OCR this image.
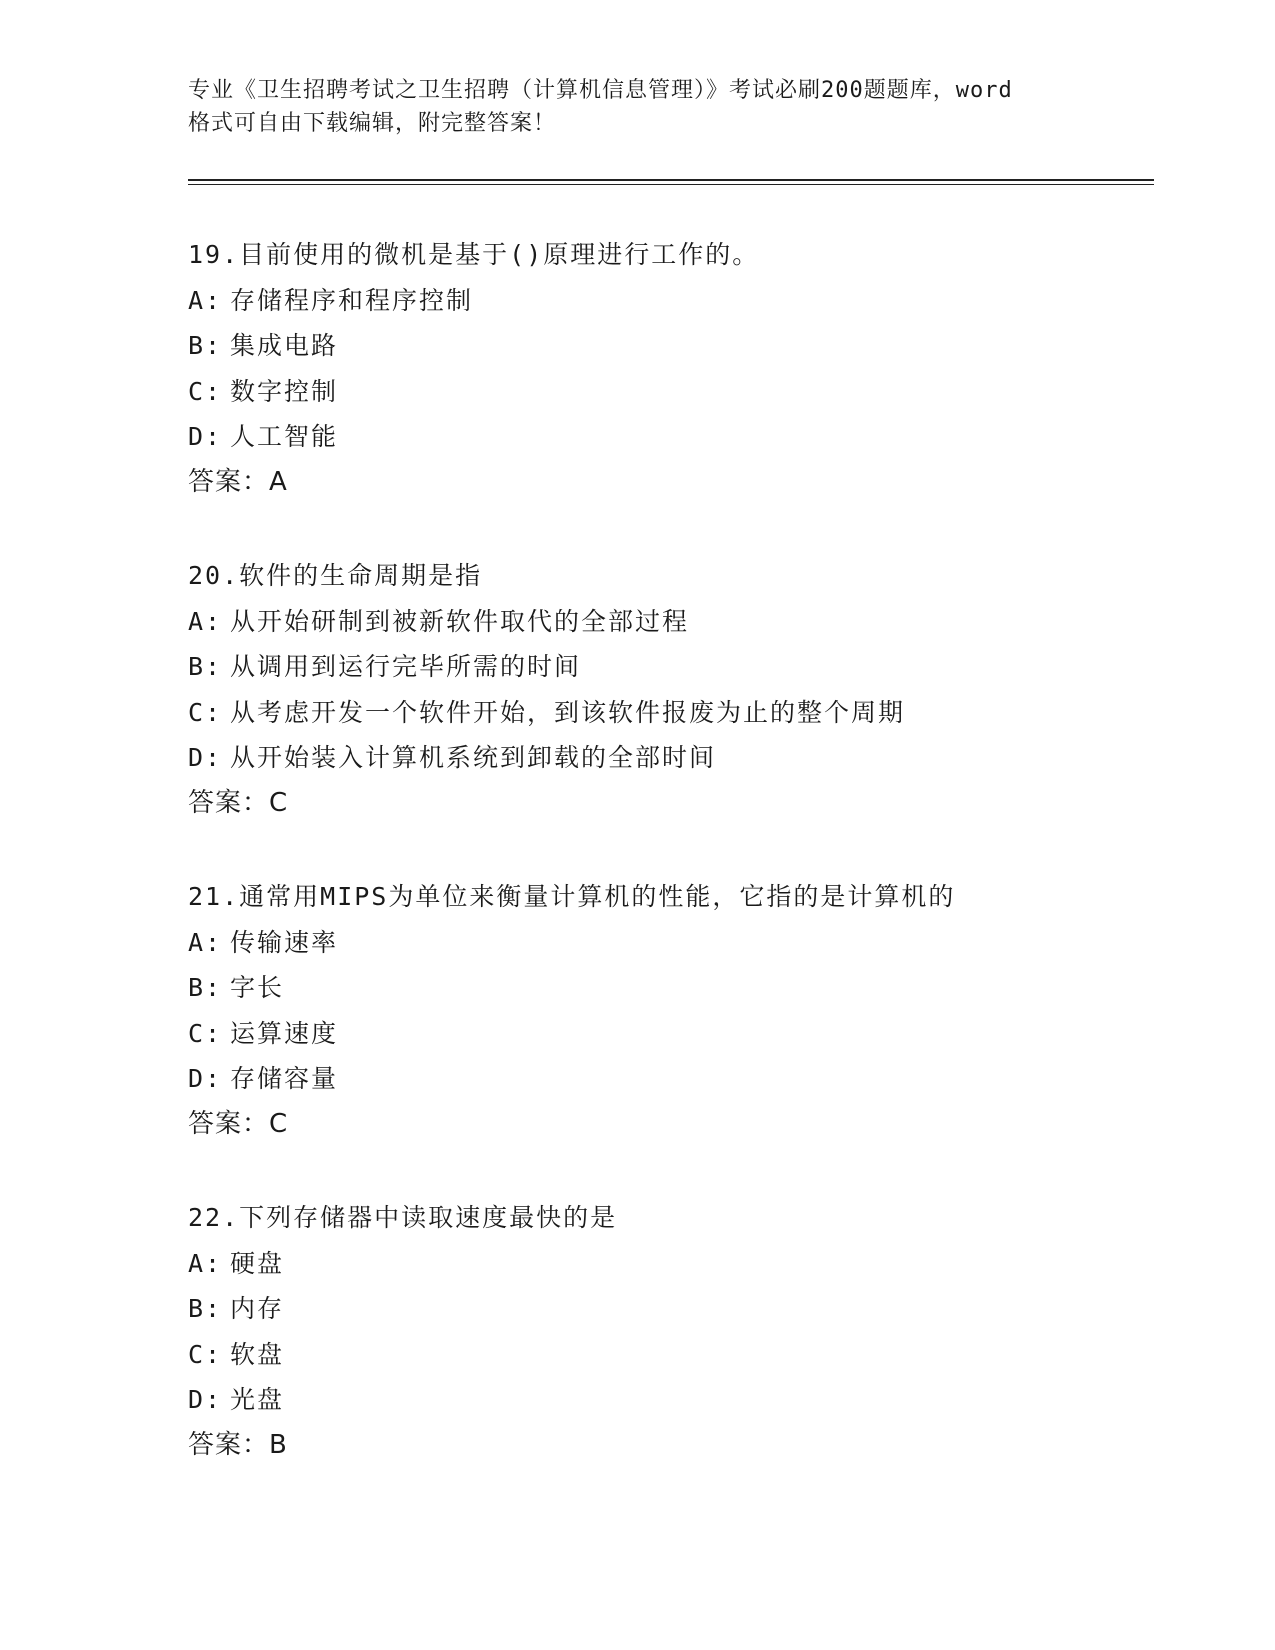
专业《卫生招聘考试之卫生招聘（计算机信息管理）》考试必刷200题题库，word
格式可自由下载编辑，附完整答案！
19.目前使用的微机是基于()原理进行工作的。
A: 存储程序和程序控制
B: 集成电路
C: 数字控制
D: 人工智能
答案：A
20.软件的生命周期是指
A: 从开始研制到被新软件取代的全部过程
B: 从调用到运行完毕所需的时间
C: 从考虑开发一个软件开始，到该软件报废为止的整个周期
D: 从开始装入计算机系统到卸载的全部时间
答案：C
21.通常用MIPS为单位来衡量计算机的性能，它指的是计算机的
A: 传输速率
B: 字长
C: 运算速度
D: 存储容量
答案：C
22.下列存储器中读取速度最快的是
A: 硬盘
B: 内存
C: 软盘
D: 光盘
答案：B
